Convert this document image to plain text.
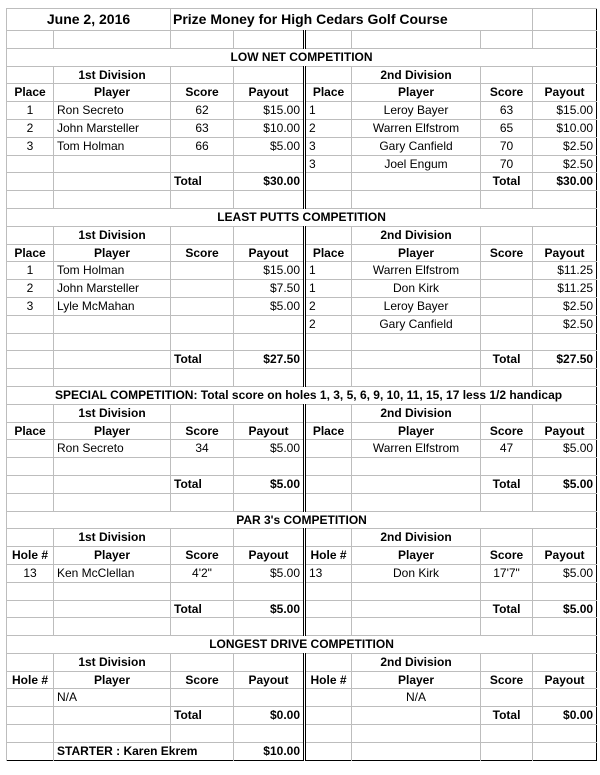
June 2, 2016		Prize Money for High Cedars Golf Course					

LOW NET COMPETITION							
	1st Division				2nd Division		
Place	Player	Score	Payout	Place	Player	Score	Payout
1	Ron Secreto	62	$15.00	1	Leroy Bayer	63	$15.00
2	John Marsteller	63	$10.00	2	Warren Elfstrom	65	$10.00
3	Tom Holman	66	$5.00	3	Gary Canfield	70	$2.50
				3	Joel Engum	70	$2.50
		Total	$30.00			Total	$30.00

LEAST PUTTS COMPETITION							
	1st Division				2nd Division		
Place	Player	Score	Payout	Place	Player	Score	Payout
1	Tom Holman		$15.00	1	Warren Elfstrom		$11.25
2	John Marsteller		$7.50	1	Don Kirk		$11.25
3	Lyle McMahan		$5.00	2	Leroy Bayer		$2.50
				2	Gary Canfield		$2.50

		Total	$27.50			Total	$27.50

SPECIAL COMPETITION: Total score on holes 1, 3, 5, 6, 9, 10, 11, 15, 17 less 1/2 handicap							
	1st Division				2nd Division		
Place	Player	Score	Payout	Place	Player	Score	Payout
	Ron Secreto	34	$5.00		Warren Elfstrom	47	$5.00

		Total	$5.00			Total	$5.00

PAR 3's COMPETITION							
	1st Division				2nd Division		
Hole #	Player	Score	Payout	Hole #	Player	Score	Payout
13	Ken McClellan	4'2"	$5.00	13	Don Kirk	17'7"	$5.00

		Total	$5.00			Total	$5.00

LONGEST DRIVE COMPETITION							
	1st Division				2nd Division		
Hole #	Player	Score	Payout	Hole #	Player	Score	Payout
	N/A				N/A		
		Total	$0.00			Total	$0.00

	STARTER : Karen Ekrem		$10.00				
